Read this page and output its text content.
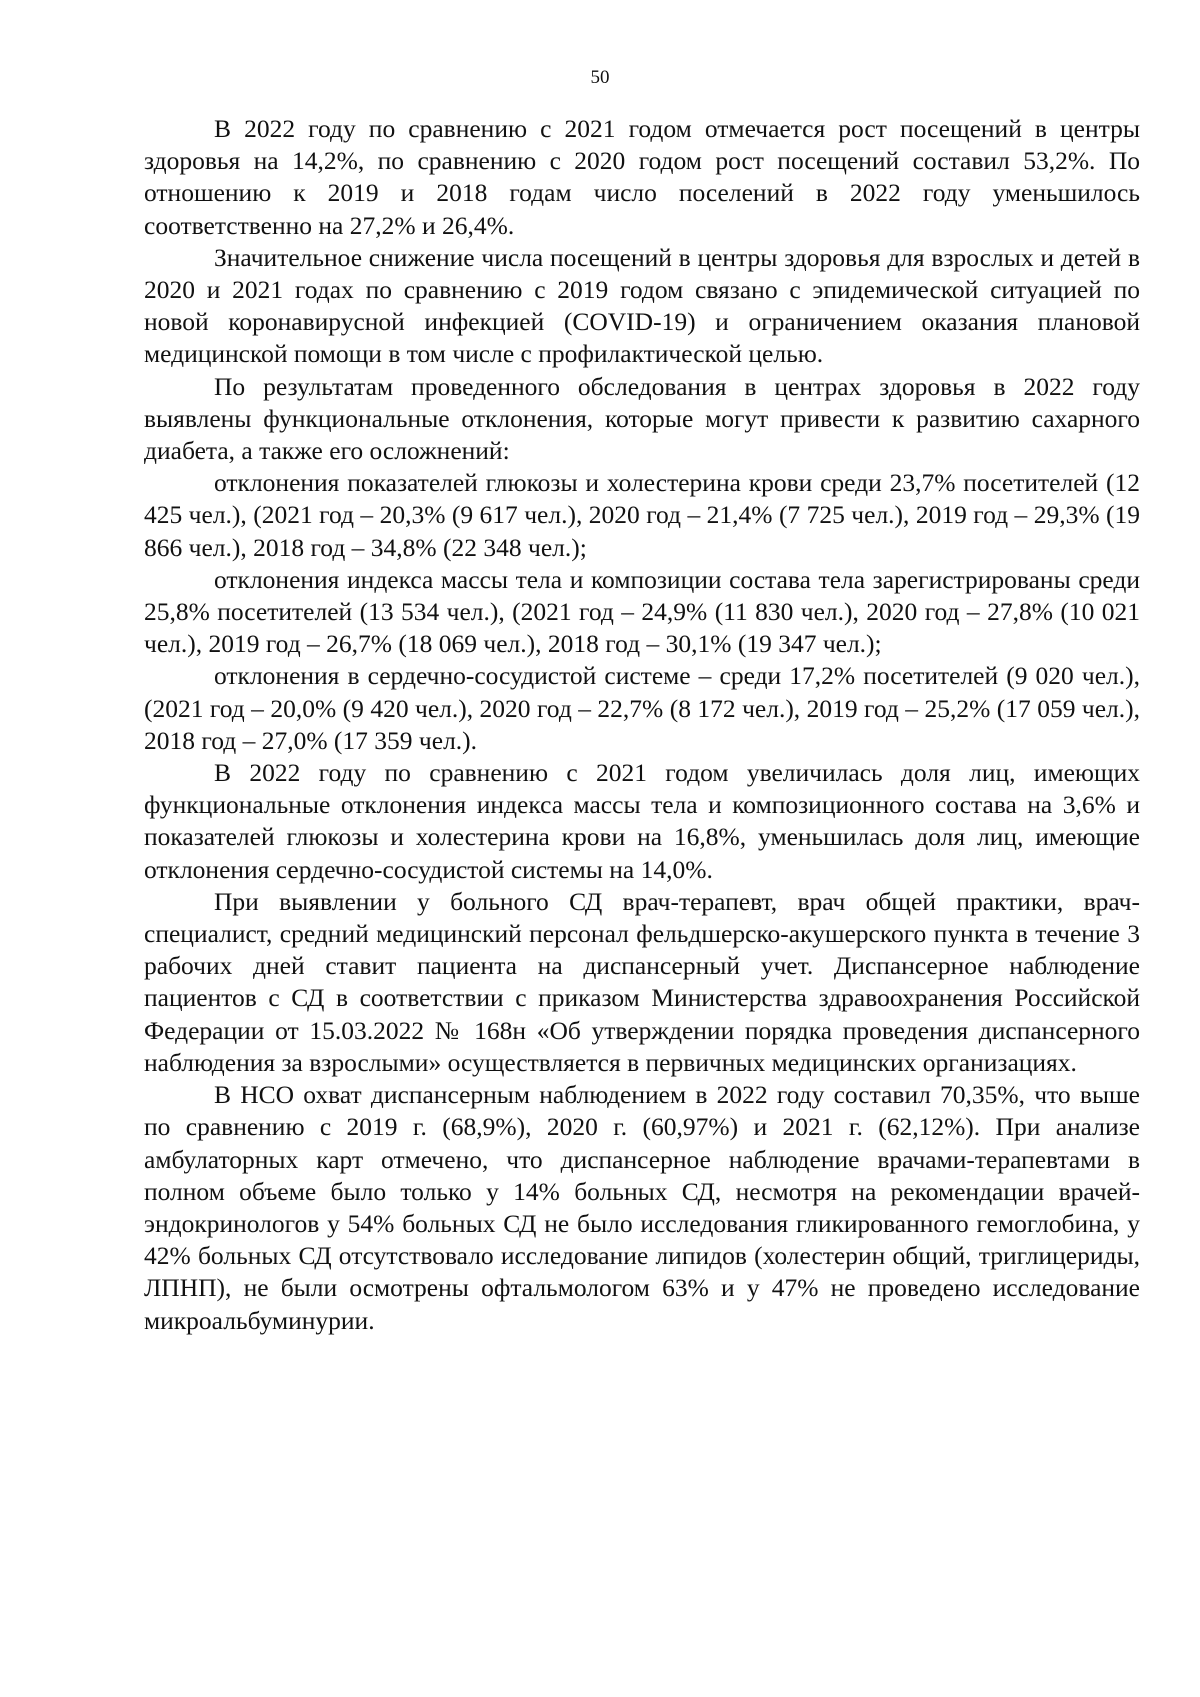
50

В 2022 году по сравнению с 2021 годом отмечается рост посещений в центры здоровья на 14,2%, по сравнению с 2020 годом рост посещений составил 53,2%. По отношению к 2019 и 2018 годам число поселений в 2022 году уменьшилось соответственно на 27,2% и 26,4%.

Значительное снижение числа посещений в центры здоровья для взрослых и детей в 2020 и 2021 годах по сравнению с 2019 годом связано с эпидемической ситуацией по новой коронавирусной инфекцией (COVID-19) и ограничением оказания плановой медицинской помощи в том числе с профилактической целью.

По результатам проведенного обследования в центрах здоровья в 2022 году выявлены функциональные отклонения, которые могут привести к развитию сахарного диабета, а также его осложнений:

отклонения показателей глюкозы и холестерина крови среди 23,7% посетителей (12 425 чел.), (2021 год – 20,3% (9 617 чел.), 2020 год – 21,4% (7 725 чел.), 2019 год – 29,3% (19 866 чел.), 2018 год – 34,8% (22 348 чел.);

отклонения индекса массы тела и композиции состава тела зарегистрированы среди 25,8% посетителей (13 534 чел.), (2021 год – 24,9% (11 830 чел.), 2020 год – 27,8% (10 021 чел.), 2019 год – 26,7% (18 069 чел.), 2018 год – 30,1% (19 347 чел.);

отклонения в сердечно-сосудистой системе – среди 17,2% посетителей (9 020 чел.), (2021 год – 20,0% (9 420 чел.), 2020 год – 22,7% (8 172 чел.), 2019 год – 25,2% (17 059 чел.), 2018 год – 27,0% (17 359 чел.).

В 2022 году по сравнению с 2021 годом увеличилась доля лиц, имеющих функциональные отклонения индекса массы тела и композиционного состава на 3,6% и показателей глюкозы и холестерина крови на 16,8%, уменьшилась доля лиц, имеющие отклонения сердечно-сосудистой системы на 14,0%.

При выявлении у больного СД врач-терапевт, врач общей практики, врач-специалист, средний медицинский персонал фельдшерско-акушерского пункта в течение 3 рабочих дней ставит пациента на диспансерный учет. Диспансерное наблюдение пациентов с СД в соответствии с приказом Министерства здравоохранения Российской Федерации от 15.03.2022 № 168н «Об утверждении порядка проведения диспансерного наблюдения за взрослыми» осуществляется в первичных медицинских организациях.

В НСО охват диспансерным наблюдением в 2022 году составил 70,35%, что выше по сравнению с 2019 г. (68,9%), 2020 г. (60,97%) и 2021 г. (62,12%). При анализе амбулаторных карт отмечено, что диспансерное наблюдение врачами-терапевтами в полном объеме было только у 14% больных СД, несмотря на рекомендации врачей-эндокринологов у 54% больных СД не было исследования гликированного гемоглобина, у 42% больных СД отсутствовало исследование липидов (холестерин общий, триглицериды, ЛПНП), не были осмотрены офтальмологом 63% и у 47% не проведено исследование микроальбуминурии.
